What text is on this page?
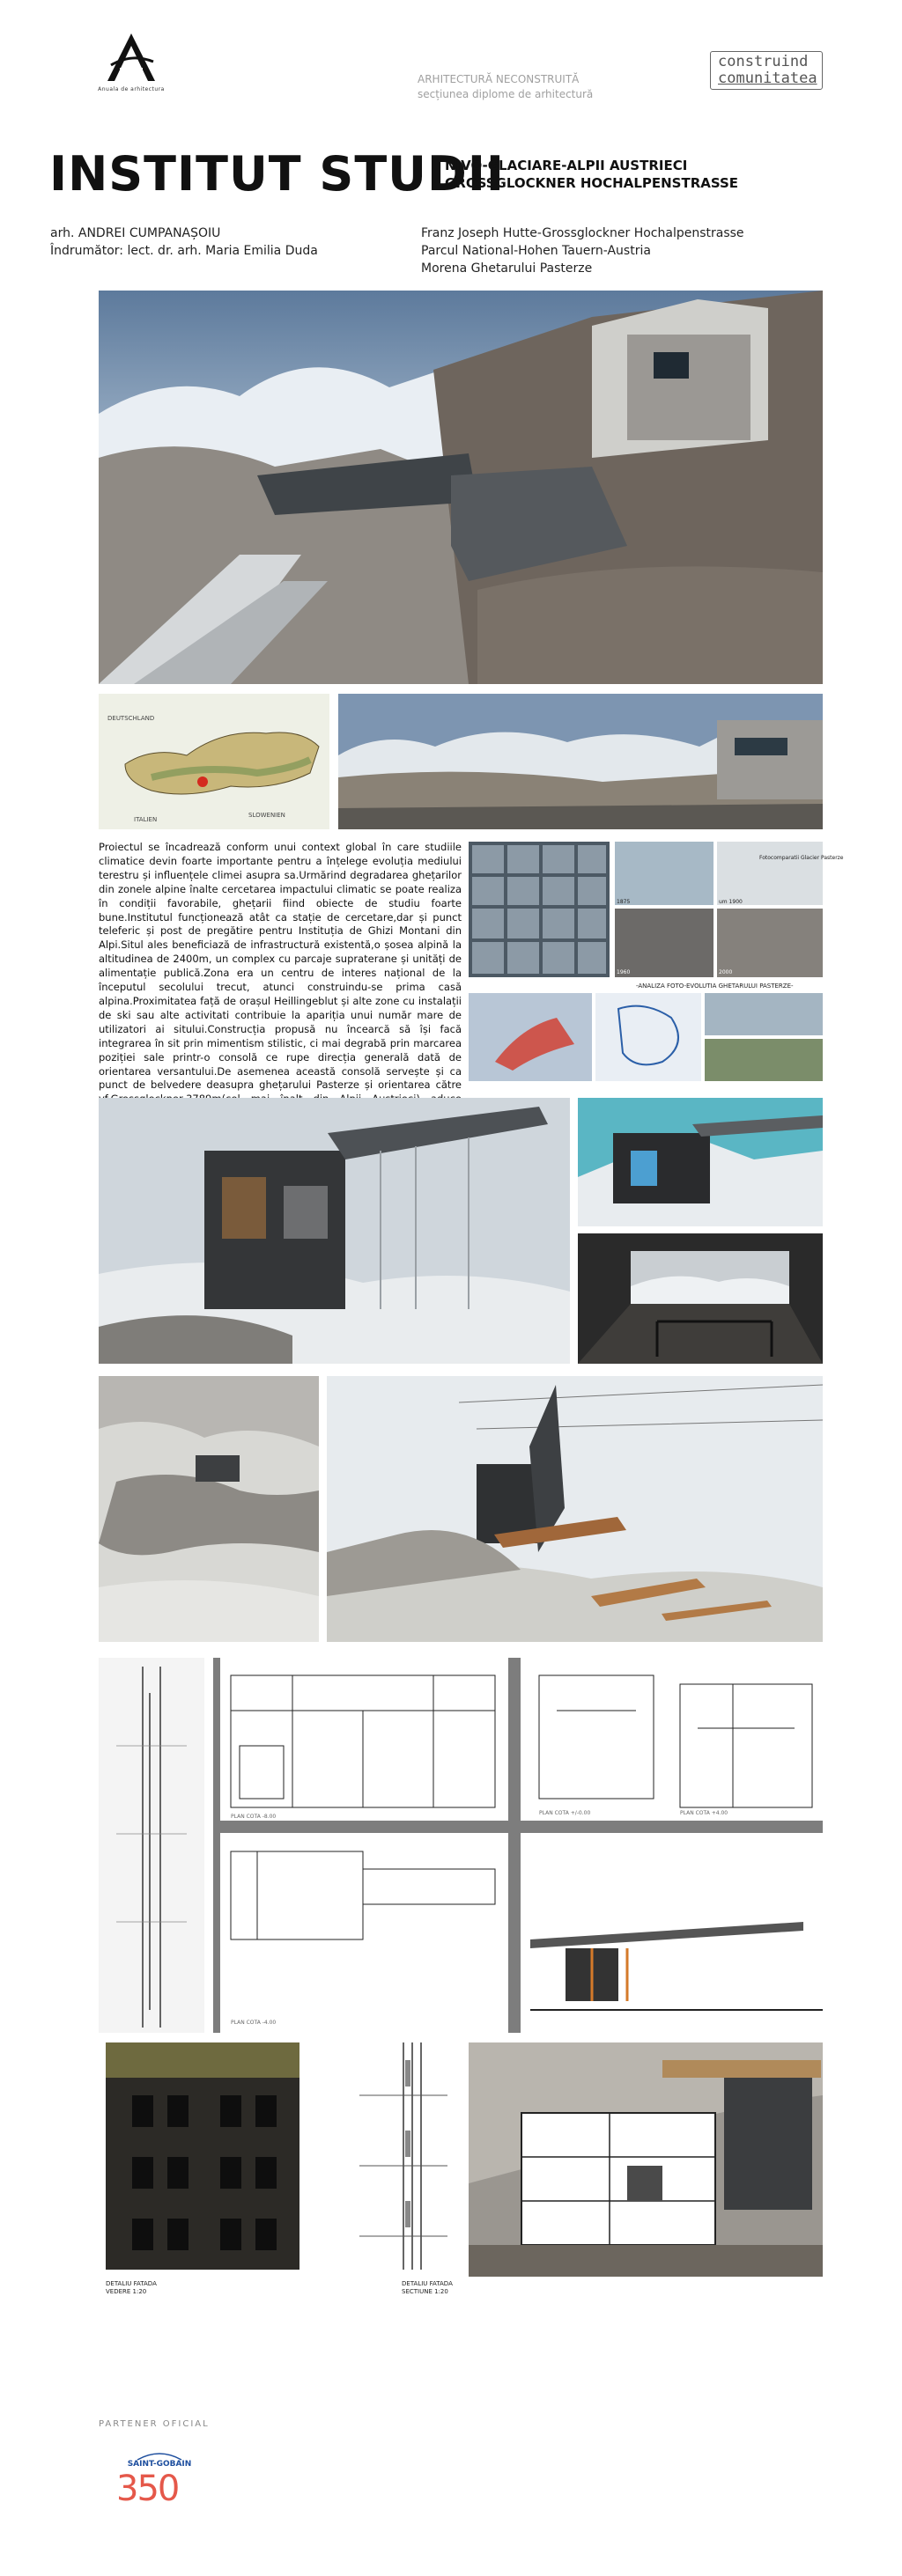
Anuala de arhitectura
ARHITECTURĂ NECONSTRUITĂ
secțiunea diplome de arhitectură
construind
comunitatea
INSTITUT STUDII
NIVO-GLACIARE-ALPII AUSTRIECI
GROSSGLOCKNER HOCHALPENSTRASSE
arh. ANDREI CUMPANAȘOIU
Îndrumător: lect. dr. arh. Maria Emilia Duda
Franz Joseph Hutte-Grossglockner Hochalpenstrasse
Parcul National-Hohen Tauern-Austria
Morena Ghetarului Pasterze
DEUTSCHLAND
ITALIEN
SLOWENIEN
Proiectul se încadrează conform unui context global în care studiile climatice devin foarte importante pentru a înțelege evoluția mediului terestru și influențele climei asupra sa.Urmărind degradarea ghețarilor din zonele alpine înalte cercetarea impactului climatic se poate realiza în condiții favorabile, ghețarii fiind obiecte de studiu foarte bune.Institutul funcționează atât ca stație de cercetare,dar și punct teleferic și post de pregătire pentru Instituția de Ghizi Montani din Alpi.Situl ales beneficiază de infrastructură existentă,o șosea alpină la altitudinea de 2400m, un complex cu parcaje supraterane și unități de alimentație publică.Zona era un centru de interes național de la începutul secolului trecut, atunci construindu-se prima casă alpina.Proximitatea față de orașul Heillingeblut și alte zone cu instalații de ski sau alte activitati contribuie la apariția unui număr mare de utilizatori ai sitului.Construcția propusă nu încearcă să își facă integrarea în sit prin mimentism stilistic, ci mai degrabă prin marcarea poziției sale printr-o consolă ce rupe direcția generală dată de orientarea versantului.De asemenea această consolă servește și ca punct de belvedere deasupra ghețarului Pasterze și orientarea către
Fotocomparatii Glacier Pasterze
1875	um 1900
1960	2000
-ANALIZA FOTO-EVOLUTIA GHETARULUI PASTERZE-
PLAN COTA -8.00
PLAN COTA -4.00
PLAN COTA +/-0.00	PLAN COTA +4.00
DETALIU FATADA
VEDERE 1:20
DETALIU FATADA
SECTIUNE 1:20
PARTENER OFICIAL
SAINT-GOBAIN
350
